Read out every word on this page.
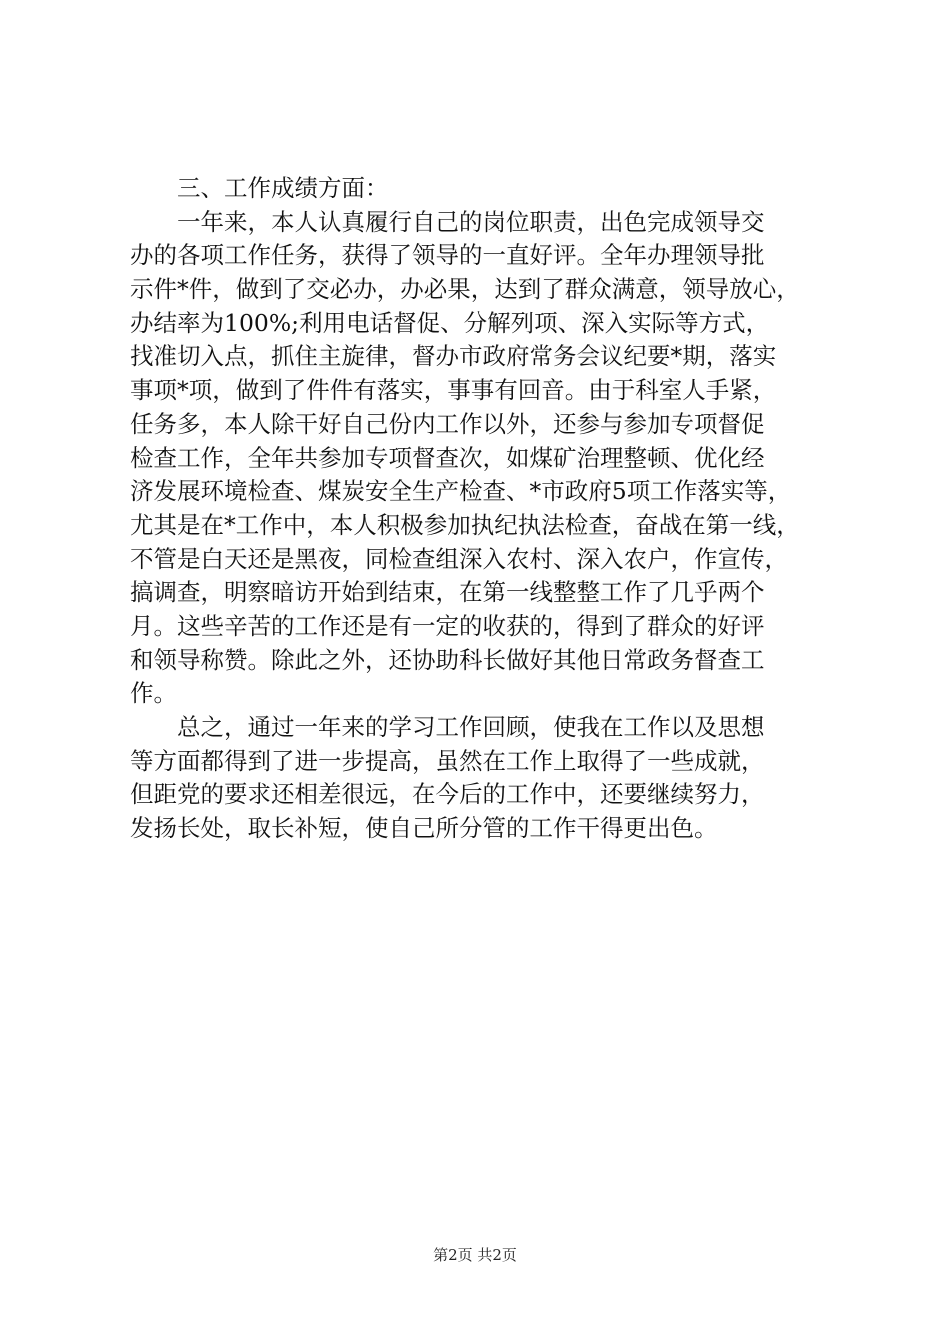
　　三、工作成绩方面：
　　一年来，本人认真履行自己的岗位职责，出色完成领导交
办的各项工作任务，获得了领导的一直好评。全年办理领导批
示件*件，做到了交必办，办必果，达到了群众满意，领导放心，
办结率为100%;利用电话督促、分解列项、深入实际等方式，
找准切入点，抓住主旋律，督办市政府常务会议纪要*期，落实
事项*项，做到了件件有落实，事事有回音。由于科室人手紧，
任务多，本人除干好自己份内工作以外，还参与参加专项督促
检查工作，全年共参加专项督查次，如煤矿治理整顿、优化经
济发展环境检查、煤炭安全生产检查、*市政府5项工作落实等，
尤其是在*工作中，本人积极参加执纪执法检查，奋战在第一线，
不管是白天还是黑夜，同检查组深入农村、深入农户，作宣传，
搞调查，明察暗访开始到结束，在第一线整整工作了几乎两个
月。这些辛苦的工作还是有一定的收获的，得到了群众的好评
和领导称赞。除此之外，还协助科长做好其他日常政务督查工
作。
　　总之，通过一年来的学习工作回顾，使我在工作以及思想
等方面都得到了进一步提高，虽然在工作上取得了一些成就，
但距党的要求还相差很远，在今后的工作中，还要继续努力，
发扬长处，取长补短，使自己所分管的工作干得更出色。
第2页 共2页
